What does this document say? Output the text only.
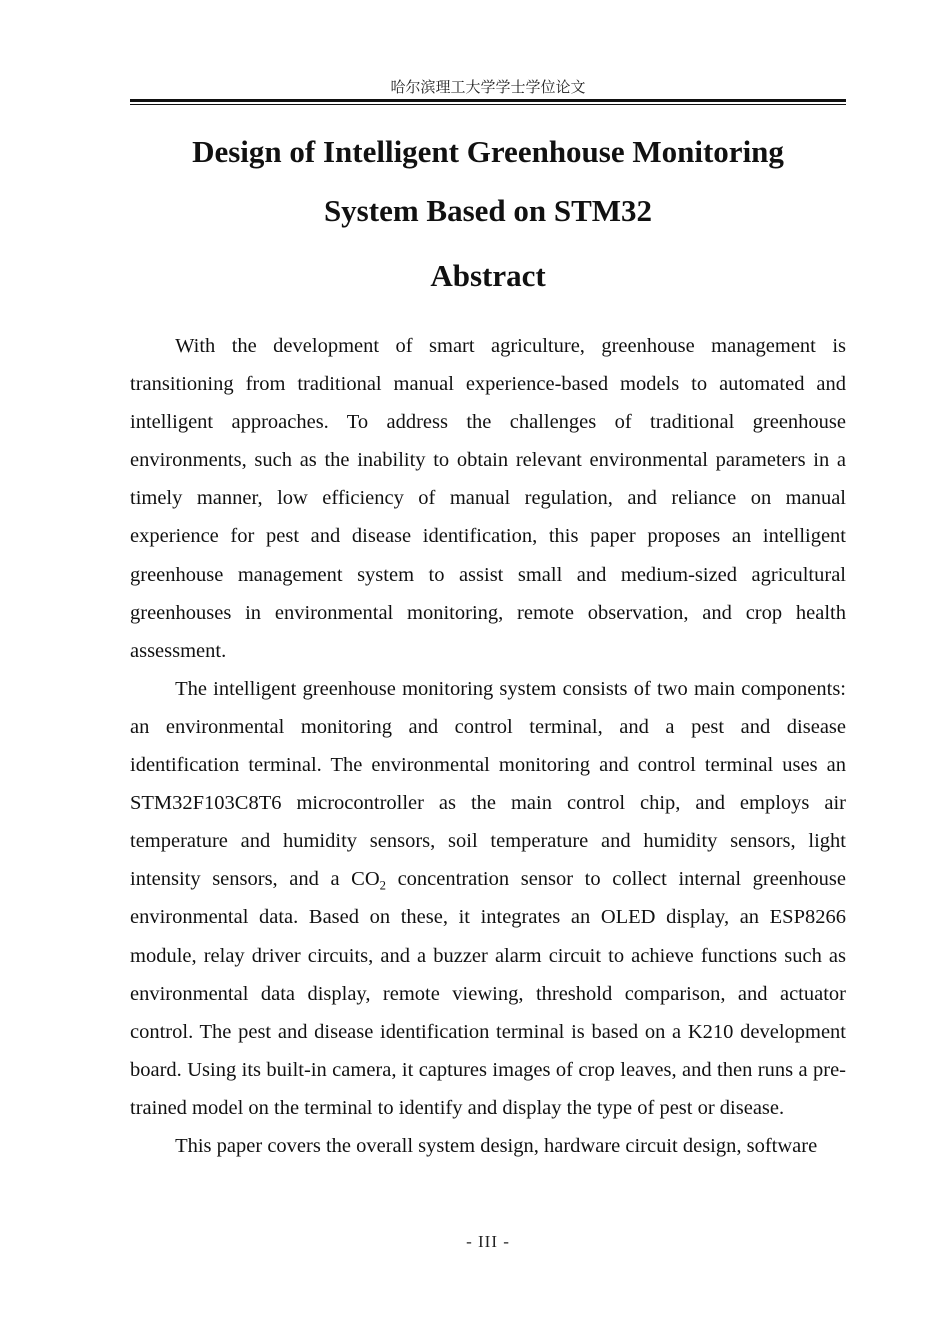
哈尔滨理工大学学士学位论文
Design of Intelligent Greenhouse Monitoring
System Based on STM32
Abstract

With the development of smart agriculture, greenhouse management is transitioning from traditional manual experience-based models to automated and intelligent approaches. To address the challenges of traditional greenhouse environments, such as the inability to obtain relevant environmental parameters in a timely manner, low efficiency of manual regulation, and reliance on manual experience for pest and disease identification, this paper proposes an intelligent greenhouse management system to assist small and medium-sized agricultural greenhouses in environmental monitoring, remote observation, and crop health assessment.

The intelligent greenhouse monitoring system consists of two main components: an environmental monitoring and control terminal, and a pest and disease identification terminal. The environmental monitoring and control terminal uses an STM32F103C8T6 microcontroller as the main control chip, and employs air temperature and humidity sensors, soil temperature and humidity sensors, light intensity sensors, and a $CO_2$ concentration sensor to collect internal greenhouse environmental data. Based on these, it integrates an OLED display, an ESP8266 module, relay driver circuits, and a buzzer alarm circuit to achieve functions such as environmental data display, remote viewing, threshold comparison, and actuator control. The pest and disease identification terminal is based on a K210 development board. Using its built-in camera, it captures images of crop leaves, and then runs a pre-trained model on the terminal to identify and display the type of pest or disease.

This paper covers the overall system design, hardware circuit design, software

- III -
